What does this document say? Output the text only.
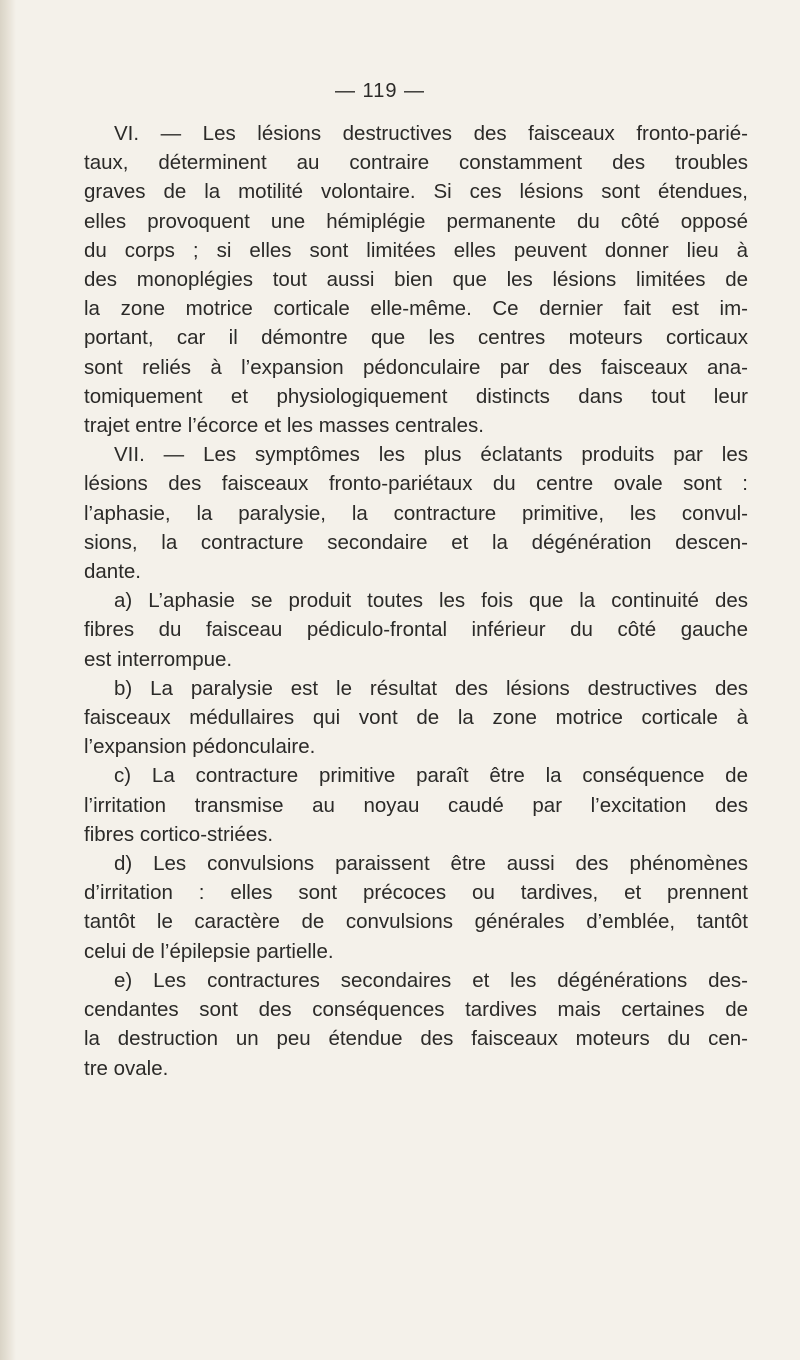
— 119 —
VI. — Les lésions destructives des faisceaux fronto-parié-
taux, déterminent au contraire constamment des troubles
graves de la motilité volontaire. Si ces lésions sont étendues,
elles provoquent une hémiplégie permanente du côté opposé
du corps ; si elles sont limitées elles peuvent donner lieu à
des monoplégies tout aussi bien que les lésions limitées de
la zone motrice corticale elle-même. Ce dernier fait est im-
portant, car il démontre que les centres moteurs corticaux
sont reliés à l’expansion pédonculaire par des faisceaux ana-
tomiquement et physiologiquement distincts dans tout leur
trajet entre l’écorce et les masses centrales.
VII. — Les symptômes les plus éclatants produits par les
lésions des faisceaux fronto-pariétaux du centre ovale sont :
l’aphasie, la paralysie, la contracture primitive, les convul-
sions, la contracture secondaire et la dégénération descen-
dante.
a) L’aphasie se produit toutes les fois que la continuité des
fibres du faisceau pédiculo-frontal inférieur du côté gauche
est interrompue.
b) La paralysie est le résultat des lésions destructives des
faisceaux médullaires qui vont de la zone motrice corticale à
l’expansion pédonculaire.
c) La contracture primitive paraît être la conséquence de
l’irritation transmise au noyau caudé par l’excitation des
fibres cortico-striées.
d) Les convulsions paraissent être aussi des phénomènes
d’irritation : elles sont précoces ou tardives, et prennent
tantôt le caractère de convulsions générales d’emblée, tantôt
celui de l’épilepsie partielle.
e) Les contractures secondaires et les dégénérations des-
cendantes sont des conséquences tardives mais certaines de
la destruction un peu étendue des faisceaux moteurs du cen-
tre ovale.
